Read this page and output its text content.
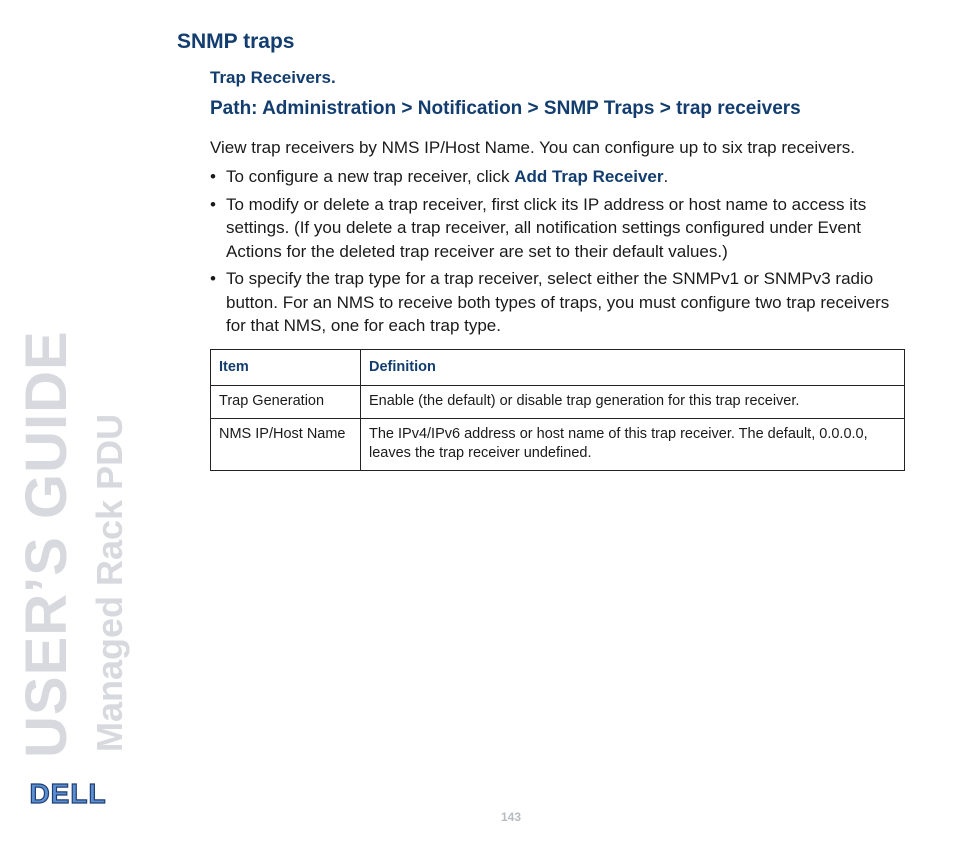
USER’S GUIDE Managed Rack PDU
DELL
SNMP traps
Trap Receivers.
Path: Administration > Notification > SNMP Traps > trap receivers

View trap receivers by NMS IP/Host Name. You can configure up to six trap receivers.

• To configure a new trap receiver, click Add Trap Receiver.
• To modify or delete a trap receiver, first click its IP address or host name to access its settings. (If you delete a trap receiver, all notification settings configured under Event Actions for the deleted trap receiver are set to their default values.)
• To specify the trap type for a trap receiver, select either the SNMPv1 or SNMPv3 radio button. For an NMS to receive both types of traps, you must configure two trap receivers for that NMS, one for each trap type.
Item	Definition
Trap Generation	Enable (the default) or disable trap generation for this trap receiver.
NMS IP/Host Name	The IPv4/IPv6 address or host name of this trap receiver. The default, 0.0.0.0, leaves the trap receiver undefined.
143
